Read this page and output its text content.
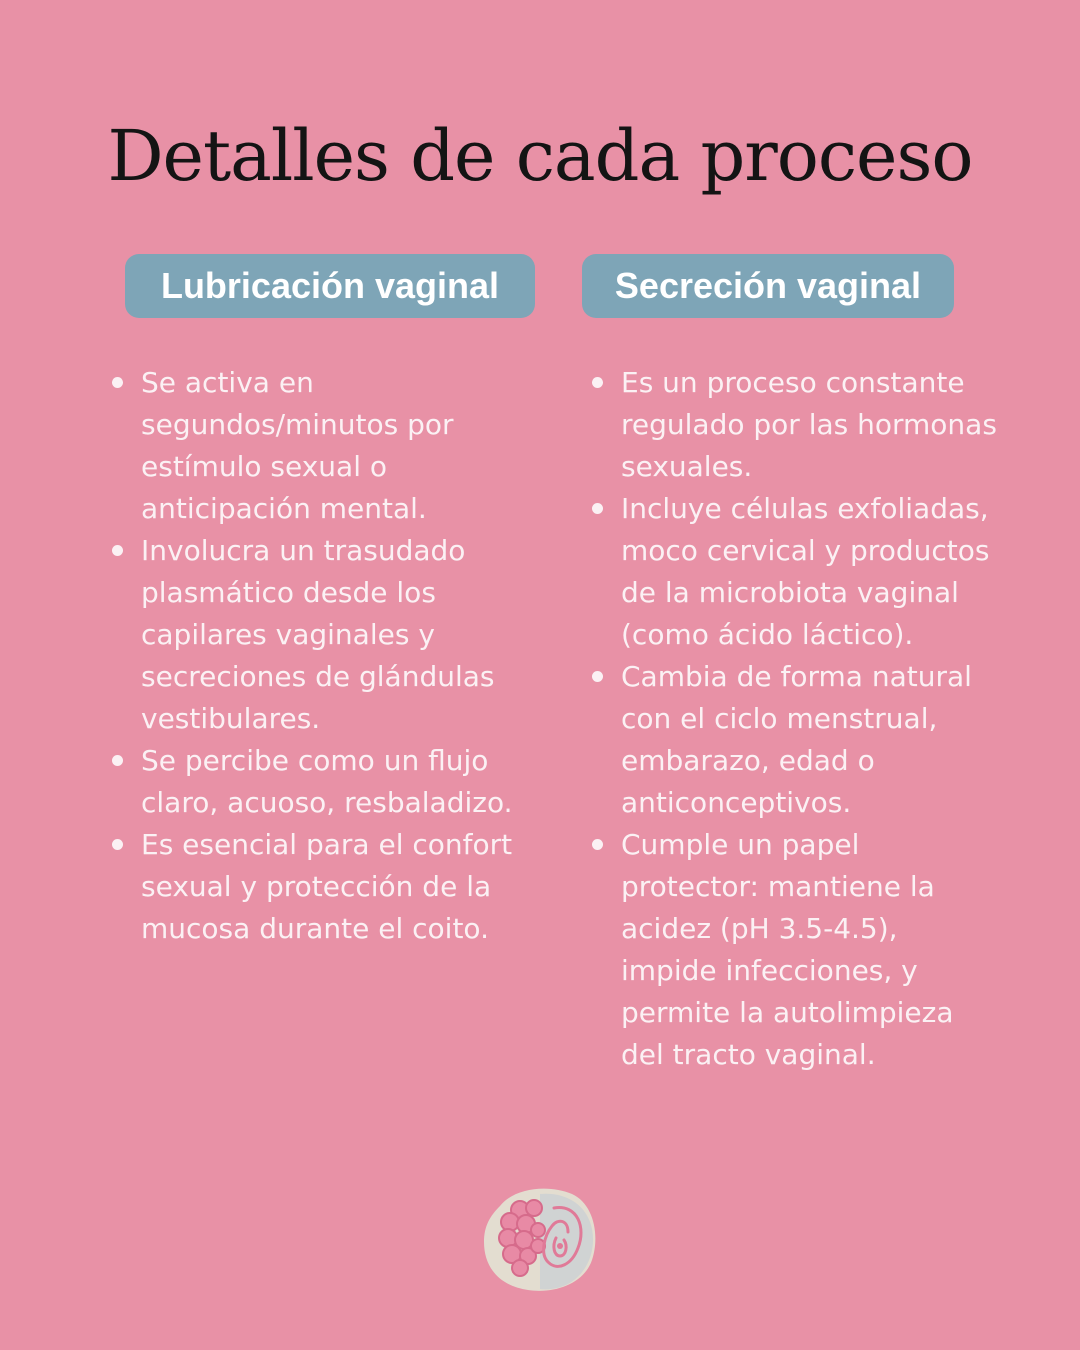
Detalles de cada proceso
Lubricación vaginal	Secreción vaginal
Se activa en segundos/minutos por estímulo sexual o anticipación mental.
Involucra un trasudado plasmático desde los capilares vaginales y secreciones de glándulas vestibulares.
Se percibe como un flujo claro, acuoso, resbaladizo.
Es esencial para el confort sexual y protección de la mucosa durante el coito.
Es un proceso constante regulado por las hormonas sexuales.
Incluye células exfoliadas, moco cervical y productos de la microbiota vaginal (como ácido láctico).
Cambia de forma natural con el ciclo menstrual, embarazo, edad o anticonceptivos.
Cumple un papel protector: mantiene la acidez (pH 3.5-4.5), impide infecciones, y permite la autolimpieza del tracto vaginal.
